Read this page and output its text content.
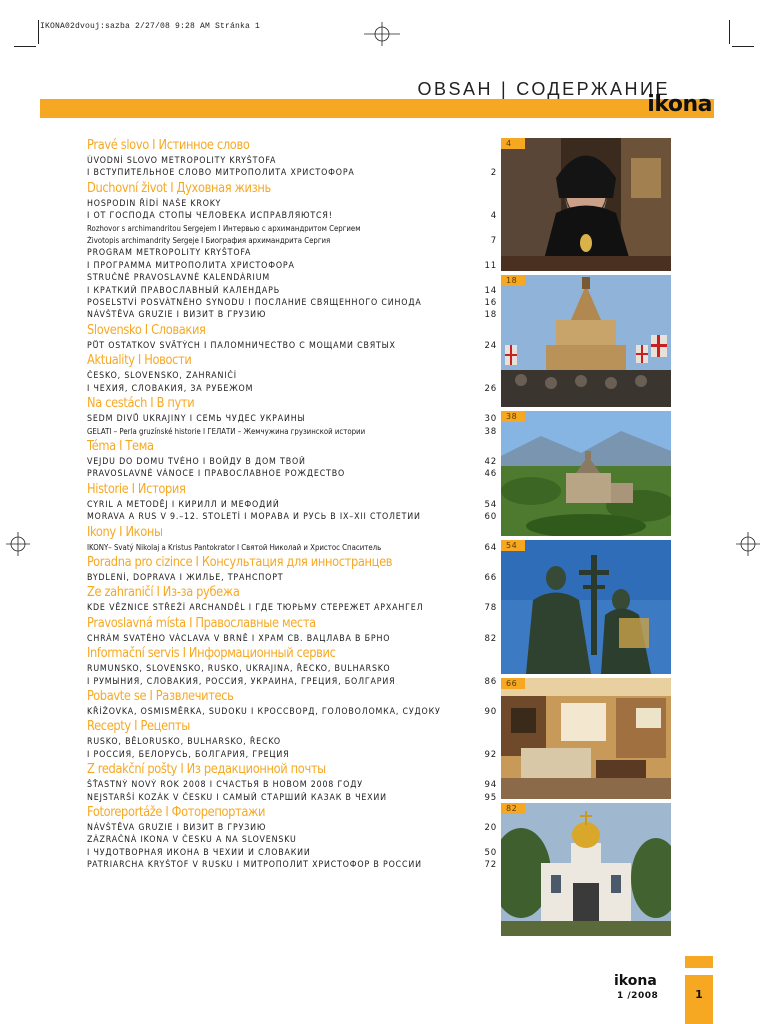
IKONA02dvouj:sazba 2/27/08 9:28 AM Stránka 1
OBSAH | СОДЕРЖАНИЕ
ikona
Pravé slovo I Истинное слово
ÚVODNÍ SLOVO METROPOLITY KRYŠTOFA
I ВСТУПИТЕЛЬНОЕ СЛОВО МИТРОПОЛИТА ХРИСТОФОРА	2
Duchovní život I Духовная жизнь
HOSPODIN ŘÍDÍ NAŠE KROKY
I ОТ ГОСПОДА СТОПЫ ЧЕЛОВЕКА ИСПРАВЛЯЮТСЯ!	4
Rozhovor s archimandritou Sergejem I Интервью с архимандритом Сергием
Životopis archimandrity Sergeje I Биография архимандрита Сергия	7
PROGRAM METROPOLITY KRYŠTOFA
I ПРОГРАММА МИТРОПОЛИТА ХРИСТОФОРА	11
STRUČNÉ PRAVOSLAVNÉ KALENDÁRIUM
I КРАТКИЙ ПРАВОСЛАВНЫЙ КАЛЕНДАРЬ	14
POSELSTVÍ POSVÁTNÉHO SYNODU I ПОСЛАНИЕ СВЯЩЕННОГО СИНОДА	16
NÁVŠTĚVA GRUZIE I ВИЗИТ В ГРУЗИЮ	18
Slovensko I Словакия
PŮT OSTATKOV SVÄTÝCH I ПАЛОМНИЧЕСТВО С МОЩАМИ СВЯТЫХ	24
Aktuality I Новости
ČESKO, SLOVENSKO, ZAHRANIČÍ
I ЧЕХИЯ, СЛОВАКИЯ, ЗА РУБЕЖОМ	26
Na cestách I В пути
SEDM DIVŮ UKRAJINY I СЕМЬ ЧУДЕС УКРАИНЫ	30
GELATI – Perla gruzínské historie I ГЕЛАТИ – Жемчужина грузинской истории	38
Téma I Тема
VEJDU DO DOMU TVÉHO I ВОЙДУ В ДОМ ТВОЙ	42
PRAVOSLAVNÉ VÁNOCE I ПРАВОСЛАВНОЕ РОЖДЕСТВО	46
Historie I История
CYRIL A METODĚJ I КИРИЛЛ И МЕФОДИЙ	54
MORAVA A RUS V 9.–12. STOLETÍ I МОРАВА И РУСЬ В IX–XII СТОЛЕТИИ	60
Ikony I Иконы
IKONY– Svatý Nikolaj a Kristus Pantokrator I Святой Николай и Христос Спаситель	64
Poradna pro cizince I Консультация для инностранцев
BYDLENÍ, DOPRAVA I ЖИЛЬЕ, ТРАНСПОРТ	66
Ze zahraničí I Из-за рубежа
KDE VĚZNICE STŘEŽÍ ARCHANDĚL I ГДЕ ТЮРЬМУ СТЕРЕЖЕТ АРХАНГЕЛ	78
Pravoslavná místa I Православные места
CHRÁM SVATÉHO VÁCLAVA V BRNĚ I ХРАМ СВ. ВАЦЛАВА В БРНО	82
Informační servis I Информационный сервис
RUMUNSKO, SLOVENSKO, RUSKO, UKRAJINA, ŘECKO, BULHARSKO
I РУМЫНИЯ, СЛОВАКИЯ, РОССИЯ, УКРАИНА, ГРЕЦИЯ, БОЛГАРИЯ	86
Pobavte se I Развлечитесь
KŘÍŽOVKA, OSMISMĚRKA, SUDOKU I КРОССВОРД, ГОЛОВОЛОМКА, СУДОКУ	90
Recepty I Рецепты
RUSKO, BĚLORUSKO, BULHARSKO, ŘECKO
I РОССИЯ, БЕЛОРУСЬ, БОЛГАРИЯ, ГРЕЦИЯ	92
Z redakční pošty I Из редакционной почты
ŠŤASTNÝ NOVÝ ROK 2008 I СЧАСТЬЯ В НОВОМ 2008 ГОДУ	94
NEJSTARŠÍ KOZÁK V ČESKU I САМЫЙ СТАРШИЙ КАЗАК В ЧЕХИИ	95
Fotoreportáže I Фоторепортажи
NÁVŠTĚVA GRUZIE I ВИЗИТ В ГРУЗИЮ	20
ZÁZRAČNÁ IKONA V ČESKU A NA SLOVENSKU
I ЧУДОТВОРНАЯ ИКОНА В ЧЕХИИ И СЛОВАКИИ	50
PATRIARCHA KRYŠTOF V RUSKU I МИТРОПОЛИТ ХРИСТОФОР В РОССИИ	72
4
18
38
54
66
82
ikona
1 /2008	1
